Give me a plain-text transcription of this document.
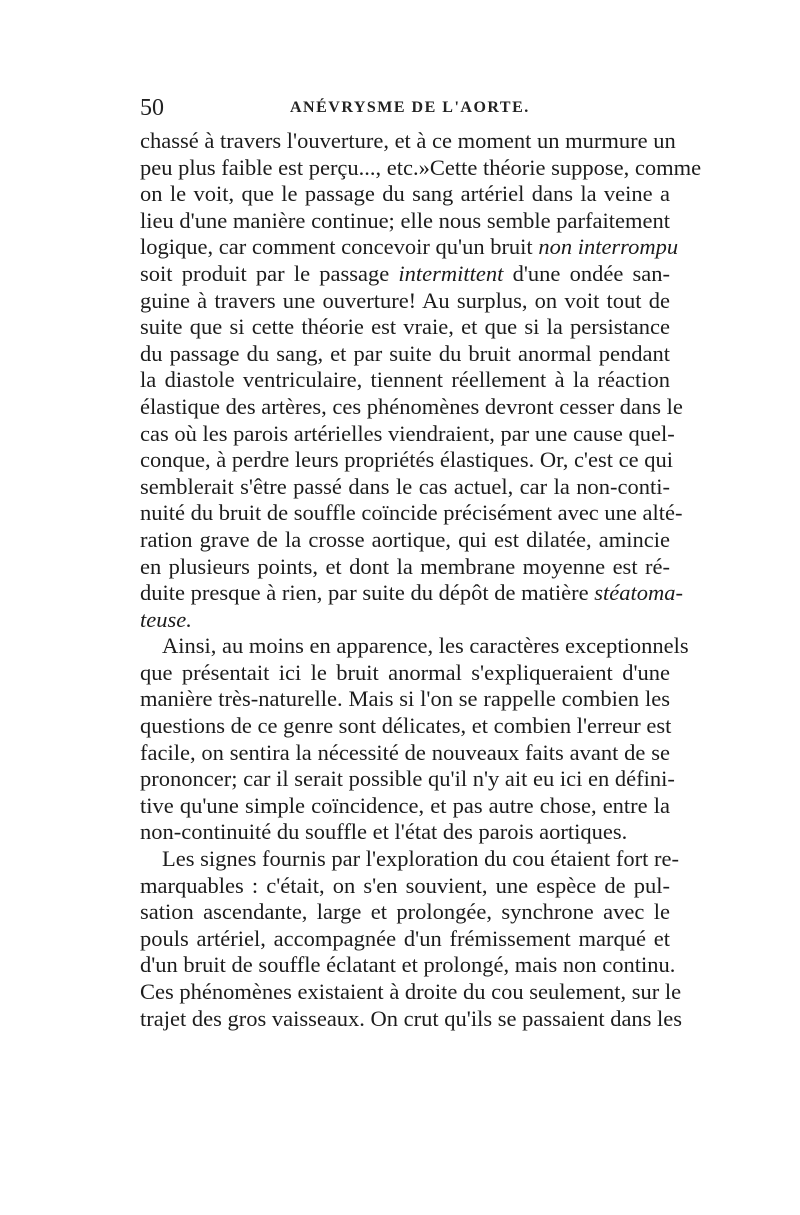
50	ANÉVRYSME DE L'AORTE.
chassé à travers l'ouverture, et à ce moment un murmure un
peu plus faible est perçu..., etc.»Cette théorie suppose, comme
on le voit, que le passage du sang artériel dans la veine a
lieu d'une manière continue; elle nous semble parfaitement
logique, car comment concevoir qu'un bruit non interrompu
soit produit par le passage intermittent d'une ondée san-
guine à travers une ouverture! Au surplus, on voit tout de
suite que si cette théorie est vraie, et que si la persistance
du passage du sang, et par suite du bruit anormal pendant
la diastole ventriculaire, tiennent réellement à la réaction
élastique des artères, ces phénomènes devront cesser dans le
cas où les parois artérielles viendraient, par une cause quel-
conque, à perdre leurs propriétés élastiques. Or, c'est ce qui
semblerait s'être passé dans le cas actuel, car la non-conti-
nuité du bruit de souffle coïncide précisément avec une alté-
ration grave de la crosse aortique, qui est dilatée, amincie
en plusieurs points, et dont la membrane moyenne est ré-
duite presque à rien, par suite du dépôt de matière stéatoma-
teuse.
Ainsi, au moins en apparence, les caractères exceptionnels
que présentait ici le bruit anormal s'expliqueraient d'une
manière très-naturelle. Mais si l'on se rappelle combien les
questions de ce genre sont délicates, et combien l'erreur est
facile, on sentira la nécessité de nouveaux faits avant de se
prononcer; car il serait possible qu'il n'y ait eu ici en défini-
tive qu'une simple coïncidence, et pas autre chose, entre la
non-continuité du souffle et l'état des parois aortiques.
Les signes fournis par l'exploration du cou étaient fort re-
marquables : c'était, on s'en souvient, une espèce de pul-
sation ascendante, large et prolongée, synchrone avec le
pouls artériel, accompagnée d'un frémissement marqué et
d'un bruit de souffle éclatant et prolongé, mais non continu.
Ces phénomènes existaient à droite du cou seulement, sur le
trajet des gros vaisseaux. On crut qu'ils se passaient dans les
